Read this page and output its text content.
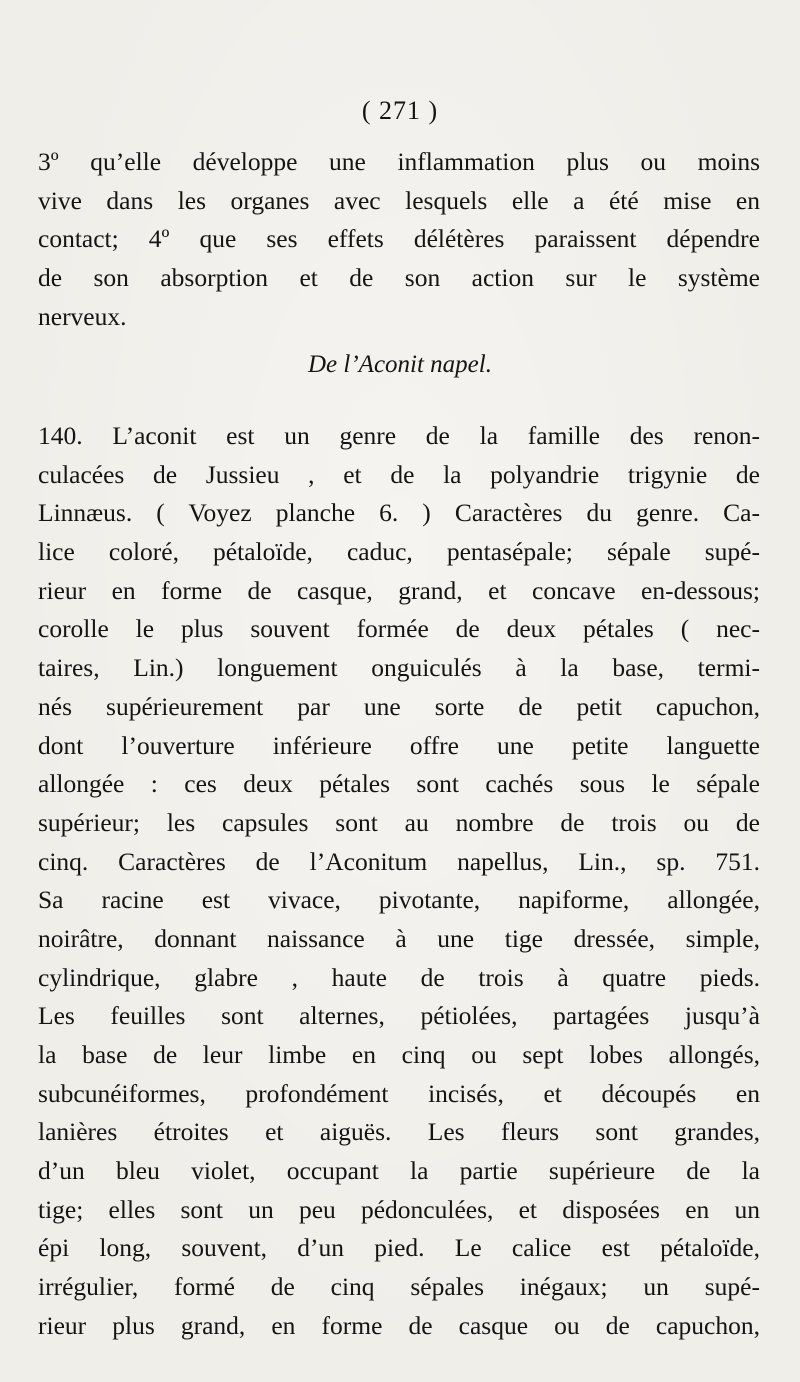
( 271 )
3º qu’elle développe une inflammation plus ou moins
vive dans les organes avec lesquels elle a été mise en
contact; 4º que ses effets délétères paraissent dépendre
de son absorption et de son action sur le système
nerveux.
De l’Aconit napel.
140. L’aconit est un genre de la famille des renon-
culacées de Jussieu , et de la polyandrie trigynie de
Linnæus. ( Voyez planche 6. ) Caractères du genre. Ca-
lice coloré, pétaloïde, caduc, pentasépale; sépale supé-
rieur en forme de casque, grand, et concave en-dessous;
corolle le plus souvent formée de deux pétales ( nec-
taires, Lin.) longuement onguiculés à la base, termi-
nés supérieurement par une sorte de petit capuchon,
dont l’ouverture inférieure offre une petite languette
allongée : ces deux pétales sont cachés sous le sépale
supérieur; les capsules sont au nombre de trois ou de
cinq. Caractères de l’Aconitum napellus, Lin., sp. 751.
Sa racine est vivace, pivotante, napiforme, allongée,
noirâtre, donnant naissance à une tige dressée, simple,
cylindrique, glabre , haute de trois à quatre pieds.
Les feuilles sont alternes, pétiolées, partagées jusqu’à
la base de leur limbe en cinq ou sept lobes allongés,
subcunéiformes, profondément incisés, et découpés en
lanières étroites et aiguës. Les fleurs sont grandes,
d’un bleu violet, occupant la partie supérieure de la
tige; elles sont un peu pédonculées, et disposées en un
épi long, souvent, d’un pied. Le calice est pétaloïde,
irrégulier, formé de cinq sépales inégaux; un supé-
rieur plus grand, en forme de casque ou de capuchon,
